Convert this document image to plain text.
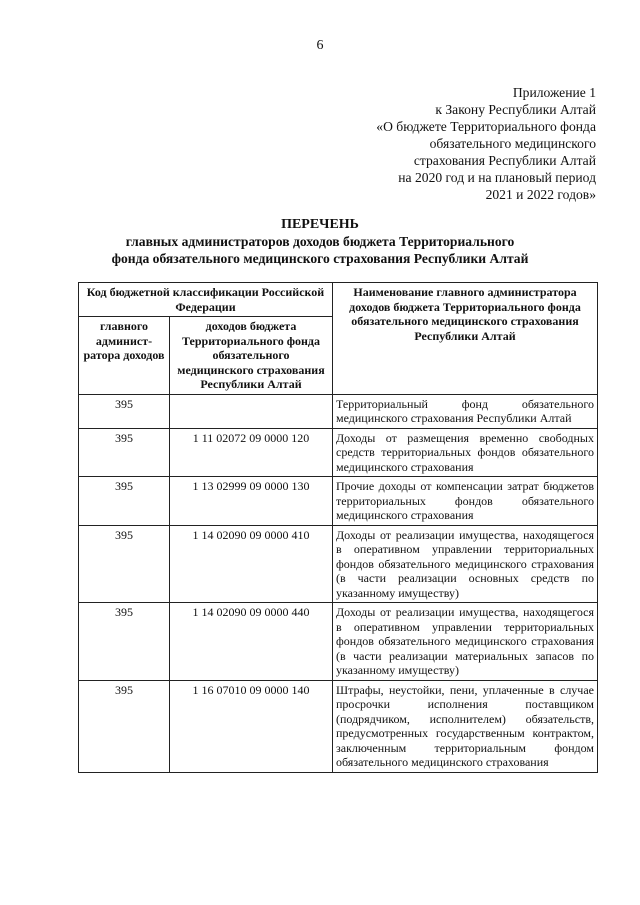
6
Приложение 1
к Закону Республики Алтай
«О бюджете Территориального фонда
обязательного медицинского
страхования Республики Алтай
на 2020 год и на плановый период
2021 и 2022 годов»
ПЕРЕЧЕНЬ
главных администраторов доходов бюджета Территориального
фонда обязательного медицинского страхования Республики Алтай
Код бюджетной классификации Российской Федерации		Наименование главного администратора доходов бюджета Территориального фонда обязательного медицинского страхования Республики Алтай
главного админист-ратора доходов	доходов бюджета Территориального фонда обязательного медицинского страхования Республики Алтай	
395		Территориальный фонд обязательного медицинского страхования Республики Алтай
395	1 11 02072 09 0000 120	Доходы от размещения временно свободных средств территориальных фондов обязательного медицинского страхования
395	1 13 02999 09 0000 130	Прочие доходы от компенсации затрат бюджетов территориальных фондов обязательного медицинского страхования
395	1 14 02090 09 0000 410	Доходы от реализации имущества, находящегося в оперативном управлении территориальных фондов обязательного медицинского страхования (в части реализации основных средств по указанному имуществу)
395	1 14 02090 09 0000 440	Доходы от реализации имущества, находящегося в оперативном управлении территориальных фондов обязательного медицинского страхования (в части реализации материальных запасов по указанному имуществу)
395	1 16 07010 09 0000 140	Штрафы, неустойки, пени, уплаченные в случае просрочки исполнения поставщиком (подрядчиком, исполнителем) обязательств, предусмотренных государственным контрактом, заключенным территориальным фондом обязательного медицинского страхования
